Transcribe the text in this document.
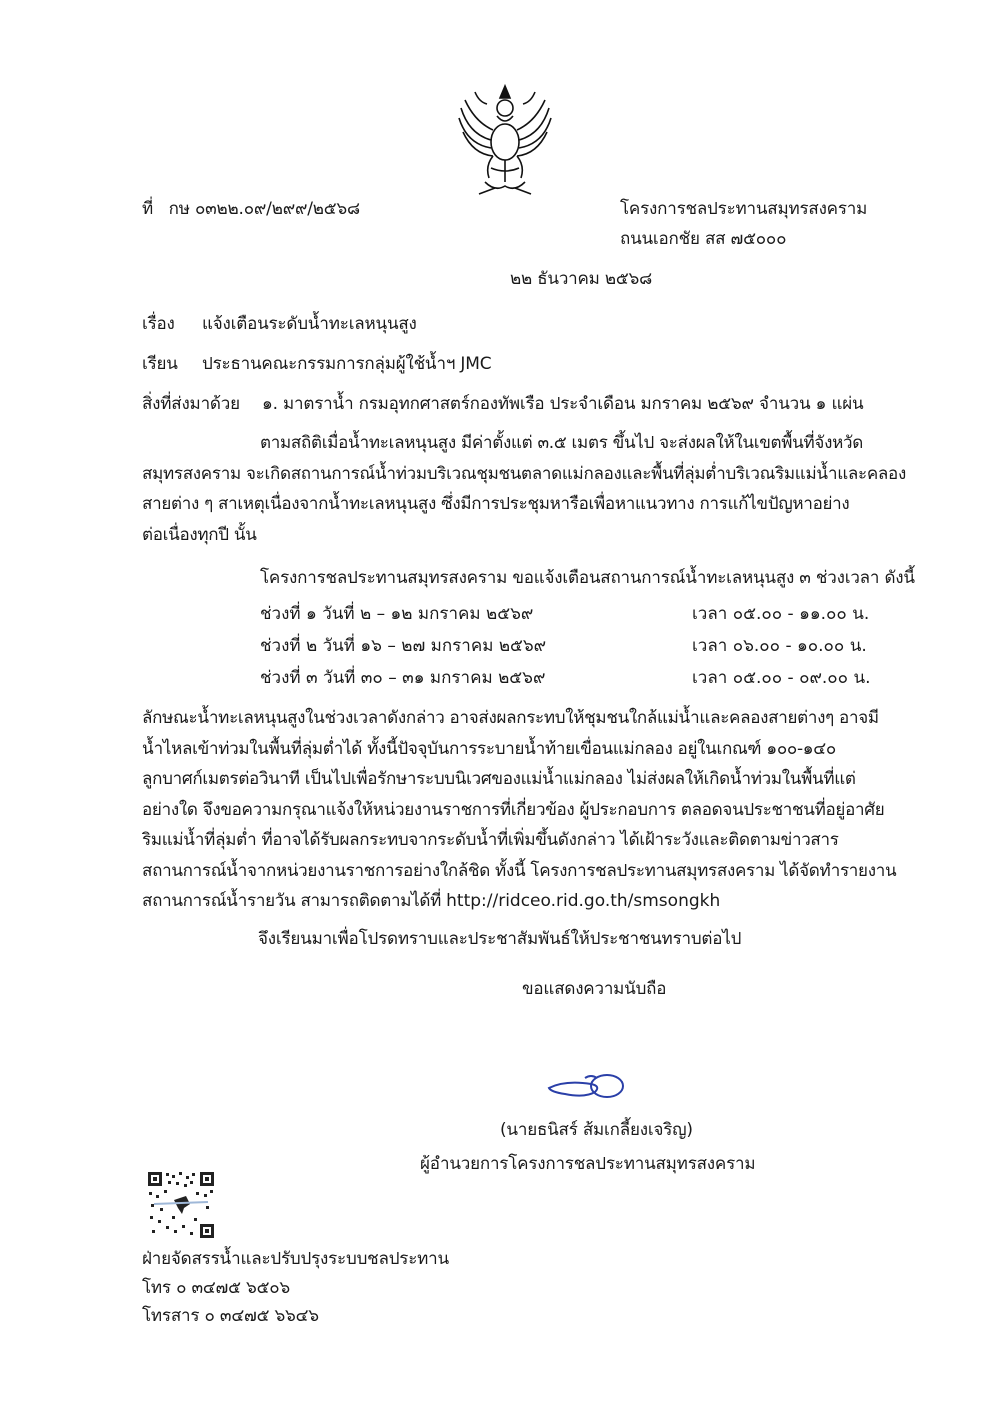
ที่ กษ ๐๓๒๒.๐๙/๒๙๙/๒๕๖๘	โครงการชลประทานสมุทรสงคราม
ถนนเอกชัย สส ๗๕๐๐๐
๒๒ ธันวาคม ๒๕๖๘
เรื่อง แจ้งเตือนระดับน้ำทะเลหนุนสูง
เรียน ประธานคณะกรรมการกลุ่มผู้ใช้น้ำฯ JMC
สิ่งที่ส่งมาด้วย ๑. มาตราน้ำ กรมอุทกศาสตร์กองทัพเรือ ประจำเดือน มกราคม ๒๕๖๙ จำนวน ๑ แผ่น
ตามสถิติเมื่อน้ำทะเลหนุนสูง มีค่าตั้งแต่ ๓.๕ เมตร ขึ้นไป จะส่งผลให้ในเขตพื้นที่จังหวัด
สมุทรสงคราม จะเกิดสถานการณ์น้ำท่วมบริเวณชุมชนตลาดแม่กลองและพื้นที่ลุ่มต่ำบริเวณริมแม่น้ำและคลอง
สายต่าง ๆ สาเหตุเนื่องจากน้ำทะเลหนุนสูง ซึ่งมีการประชุมหารือเพื่อหาแนวทาง การแก้ไขปัญหาอย่าง
ต่อเนื่องทุกปี นั้น
โครงการชลประทานสมุทรสงคราม ขอแจ้งเตือนสถานการณ์น้ำทะเลหนุนสูง ๓ ช่วงเวลา ดังนี้
ช่วงที่ ๑ วันที่ ๒ – ๑๒ มกราคม ๒๕๖๙	เวลา ๐๕.๐๐ - ๑๑.๐๐ น.
ช่วงที่ ๒ วันที่ ๑๖ – ๒๗ มกราคม ๒๕๖๙	เวลา ๐๖.๐๐ - ๑๐.๐๐ น.
ช่วงที่ ๓ วันที่ ๓๐ – ๓๑ มกราคม ๒๕๖๙	เวลา ๐๕.๐๐ - ๐๙.๐๐ น.
ลักษณะน้ำทะเลหนุนสูงในช่วงเวลาดังกล่าว อาจส่งผลกระทบให้ชุมชนใกล้แม่น้ำและคลองสายต่างๆ อาจมี
น้ำไหลเข้าท่วมในพื้นที่ลุ่มต่ำได้ ทั้งนี้ปัจจุบันการระบายน้ำท้ายเขื่อนแม่กลอง อยู่ในเกณฑ์ ๑๐๐-๑๔๐
ลูกบาศก์เมตรต่อวินาที เป็นไปเพื่อรักษาระบบนิเวศของแม่น้ำแม่กลอง ไม่ส่งผลให้เกิดน้ำท่วมในพื้นที่แต่
อย่างใด จึงขอความกรุณาแจ้งให้หน่วยงานราชการที่เกี่ยวข้อง ผู้ประกอบการ ตลอดจนประชาชนที่อยู่อาศัย
ริมแม่น้ำที่ลุ่มต่ำ ที่อาจได้รับผลกระทบจากระดับน้ำที่เพิ่มขึ้นดังกล่าว ได้เฝ้าระวังและติดตามข่าวสาร
สถานการณ์น้ำจากหน่วยงานราชการอย่างใกล้ชิด ทั้งนี้ โครงการชลประทานสมุทรสงคราม ได้จัดทำรายงาน
สถานการณ์น้ำรายวัน สามารถติดตามได้ที่ http://ridceo.rid.go.th/smsongkh
จึงเรียนมาเพื่อโปรดทราบและประชาสัมพันธ์ให้ประชาชนทราบต่อไป
ขอแสดงความนับถือ
(นายธนิสร์ ส้มเกลี้ยงเจริญ)
ผู้อำนวยการโครงการชลประทานสมุทรสงคราม
ฝ่ายจัดสรรน้ำและปรับปรุงระบบชลประทาน
โทร ๐ ๓๔๗๕ ๖๕๐๖
โทรสาร ๐ ๓๔๗๕ ๖๖๔๖
